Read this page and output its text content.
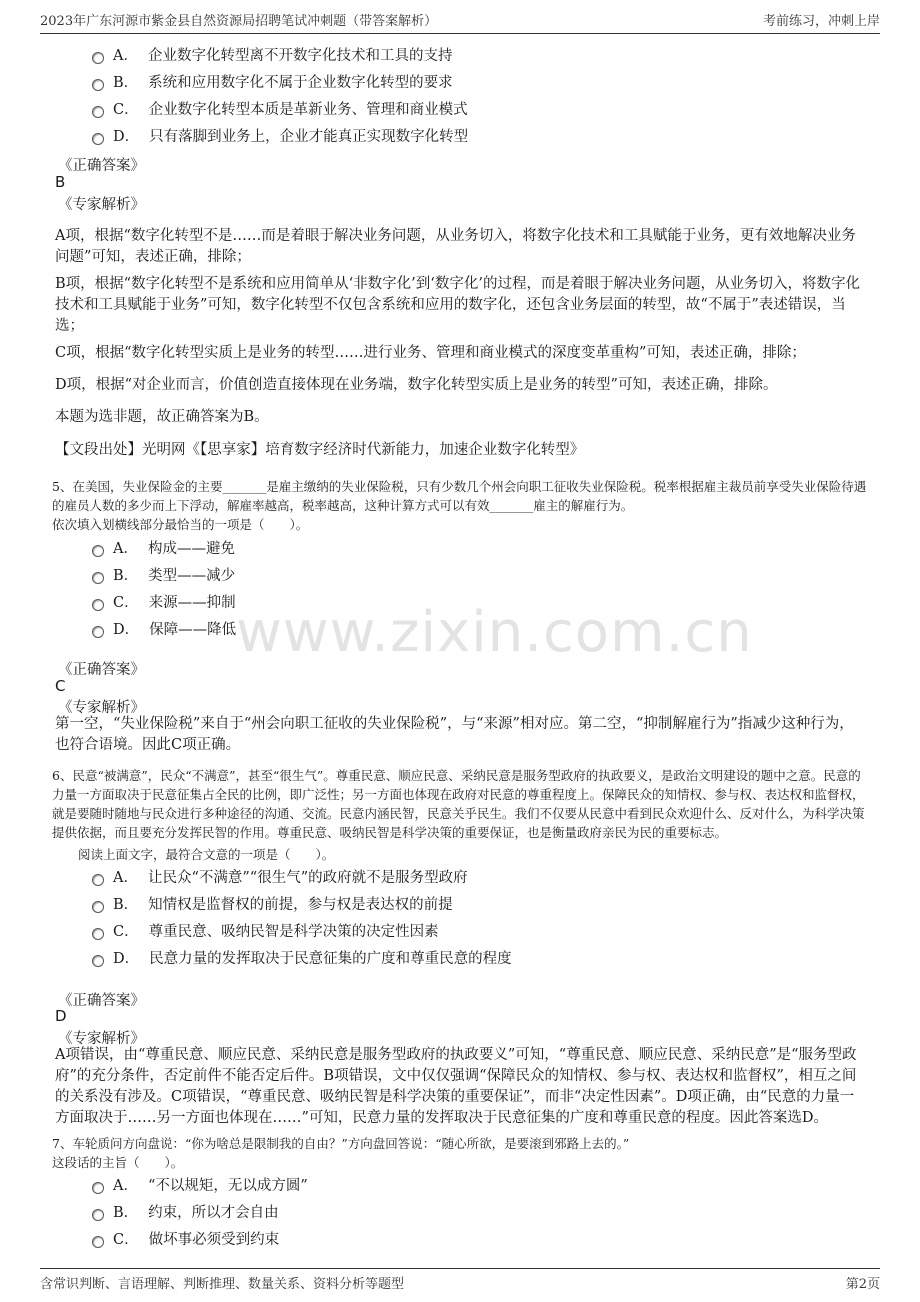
2023年广东河源市紫金县自然资源局招聘笔试冲刺题（带答案解析）	考前练习，冲刺上岸
www.zixin.com.cn
A． 企业数字化转型离不开数字化技术和工具的支持
B． 系统和应用数字化不属于企业数字化转型的要求
C． 企业数字化转型本质是革新业务、管理和商业模式
D． 只有落脚到业务上，企业才能真正实现数字化转型
《正确答案》
B
《专家解析》
A项，根据“数字化转型不是……而是着眼于解决业务问题，从业务切入，将数字化技术和工具赋能于业务，更有效地解决业务问题”可知，表述正确，排除；
B项，根据“数字化转型不是系统和应用简单从‘非数字化’到‘数字化’的过程，而是着眼于解决业务问题，从业务切入，将数字化技术和工具赋能于业务”可知，数字化转型不仅包含系统和应用的数字化，还包含业务层面的转型，故“不属于”表述错误，当选；
C项，根据“数字化转型实质上是业务的转型……进行业务、管理和商业模式的深度变革重构”可知，表述正确，排除；
D项，根据“对企业而言，价值创造直接体现在业务端，数字化转型实质上是业务的转型”可知，表述正确，排除。
本题为选非题，故正确答案为B。
【文段出处】光明网《【思享家】培育数字经济时代新能力，加速企业数字化转型》
5、在美国，失业保险金的主要_______是雇主缴纳的失业保险税，只有少数几个州会向职工征收失业保险税。税率根据雇主裁员前享受失业保险待遇的雇员人数的多少而上下浮动，解雇率越高，税率越高，这种计算方式可以有效_______雇主的解雇行为。
依次填入划横线部分最恰当的一项是（　　）。
A． 构成——避免
B． 类型——减少
C． 来源——抑制
D． 保障——降低
《正确答案》
C
《专家解析》
第一空，“失业保险税”来自于“州会向职工征收的失业保险税”，与“来源”相对应。第二空，“抑制解雇行为”指减少这种行为，也符合语境。因此C项正确。
6、民意“被满意”，民众“不满意”，甚至“很生气”。尊重民意、顺应民意、采纳民意是服务型政府的执政要义，是政治文明建设的题中之意。民意的力量一方面取决于民意征集占全民的比例，即广泛性；另一方面也体现在政府对民意的尊重程度上。保障民众的知情权、参与权、表达权和监督权，就是要随时随地与民众进行多种途径的沟通、交流。民意内涵民智，民意关乎民生。我们不仅要从民意中看到民众欢迎什么、反对什么，为科学决策提供依据，而且要充分发挥民智的作用。尊重民意、吸纳民智是科学决策的重要保证，也是衡量政府亲民为民的重要标志。
阅读上面文字，最符合文意的一项是（　　）。
A． 让民众“不满意”“很生气”的政府就不是服务型政府
B． 知情权是监督权的前提，参与权是表达权的前提
C． 尊重民意、吸纳民智是科学决策的决定性因素
D． 民意力量的发挥取决于民意征集的广度和尊重民意的程度
《正确答案》
D
《专家解析》
A项错误，由“尊重民意、顺应民意、采纳民意是服务型政府的执政要义”可知，“尊重民意、顺应民意、采纳民意”是“服务型政府”的充分条件，否定前件不能否定后件。B项错误，文中仅仅强调“保障民众的知情权、参与权、表达权和监督权”，相互之间的关系没有涉及。C项错误，“尊重民意、吸纳民智是科学决策的重要保证”，而非“决定性因素”。D项正确，由“民意的力量一方面取决于……另一方面也体现在……”可知，民意力量的发挥取决于民意征集的广度和尊重民意的程度。因此答案选D。
7、车轮质问方向盘说：“你为啥总是限制我的自由？”方向盘回答说：“随心所欲，是要滚到邪路上去的。”
这段话的主旨（　　）。
A． “不以规矩，无以成方圆”
B． 约束，所以才会自由
C． 做坏事必须受到约束
含常识判断、言语理解、判断推理、数量关系、资料分析等题型	第2页
